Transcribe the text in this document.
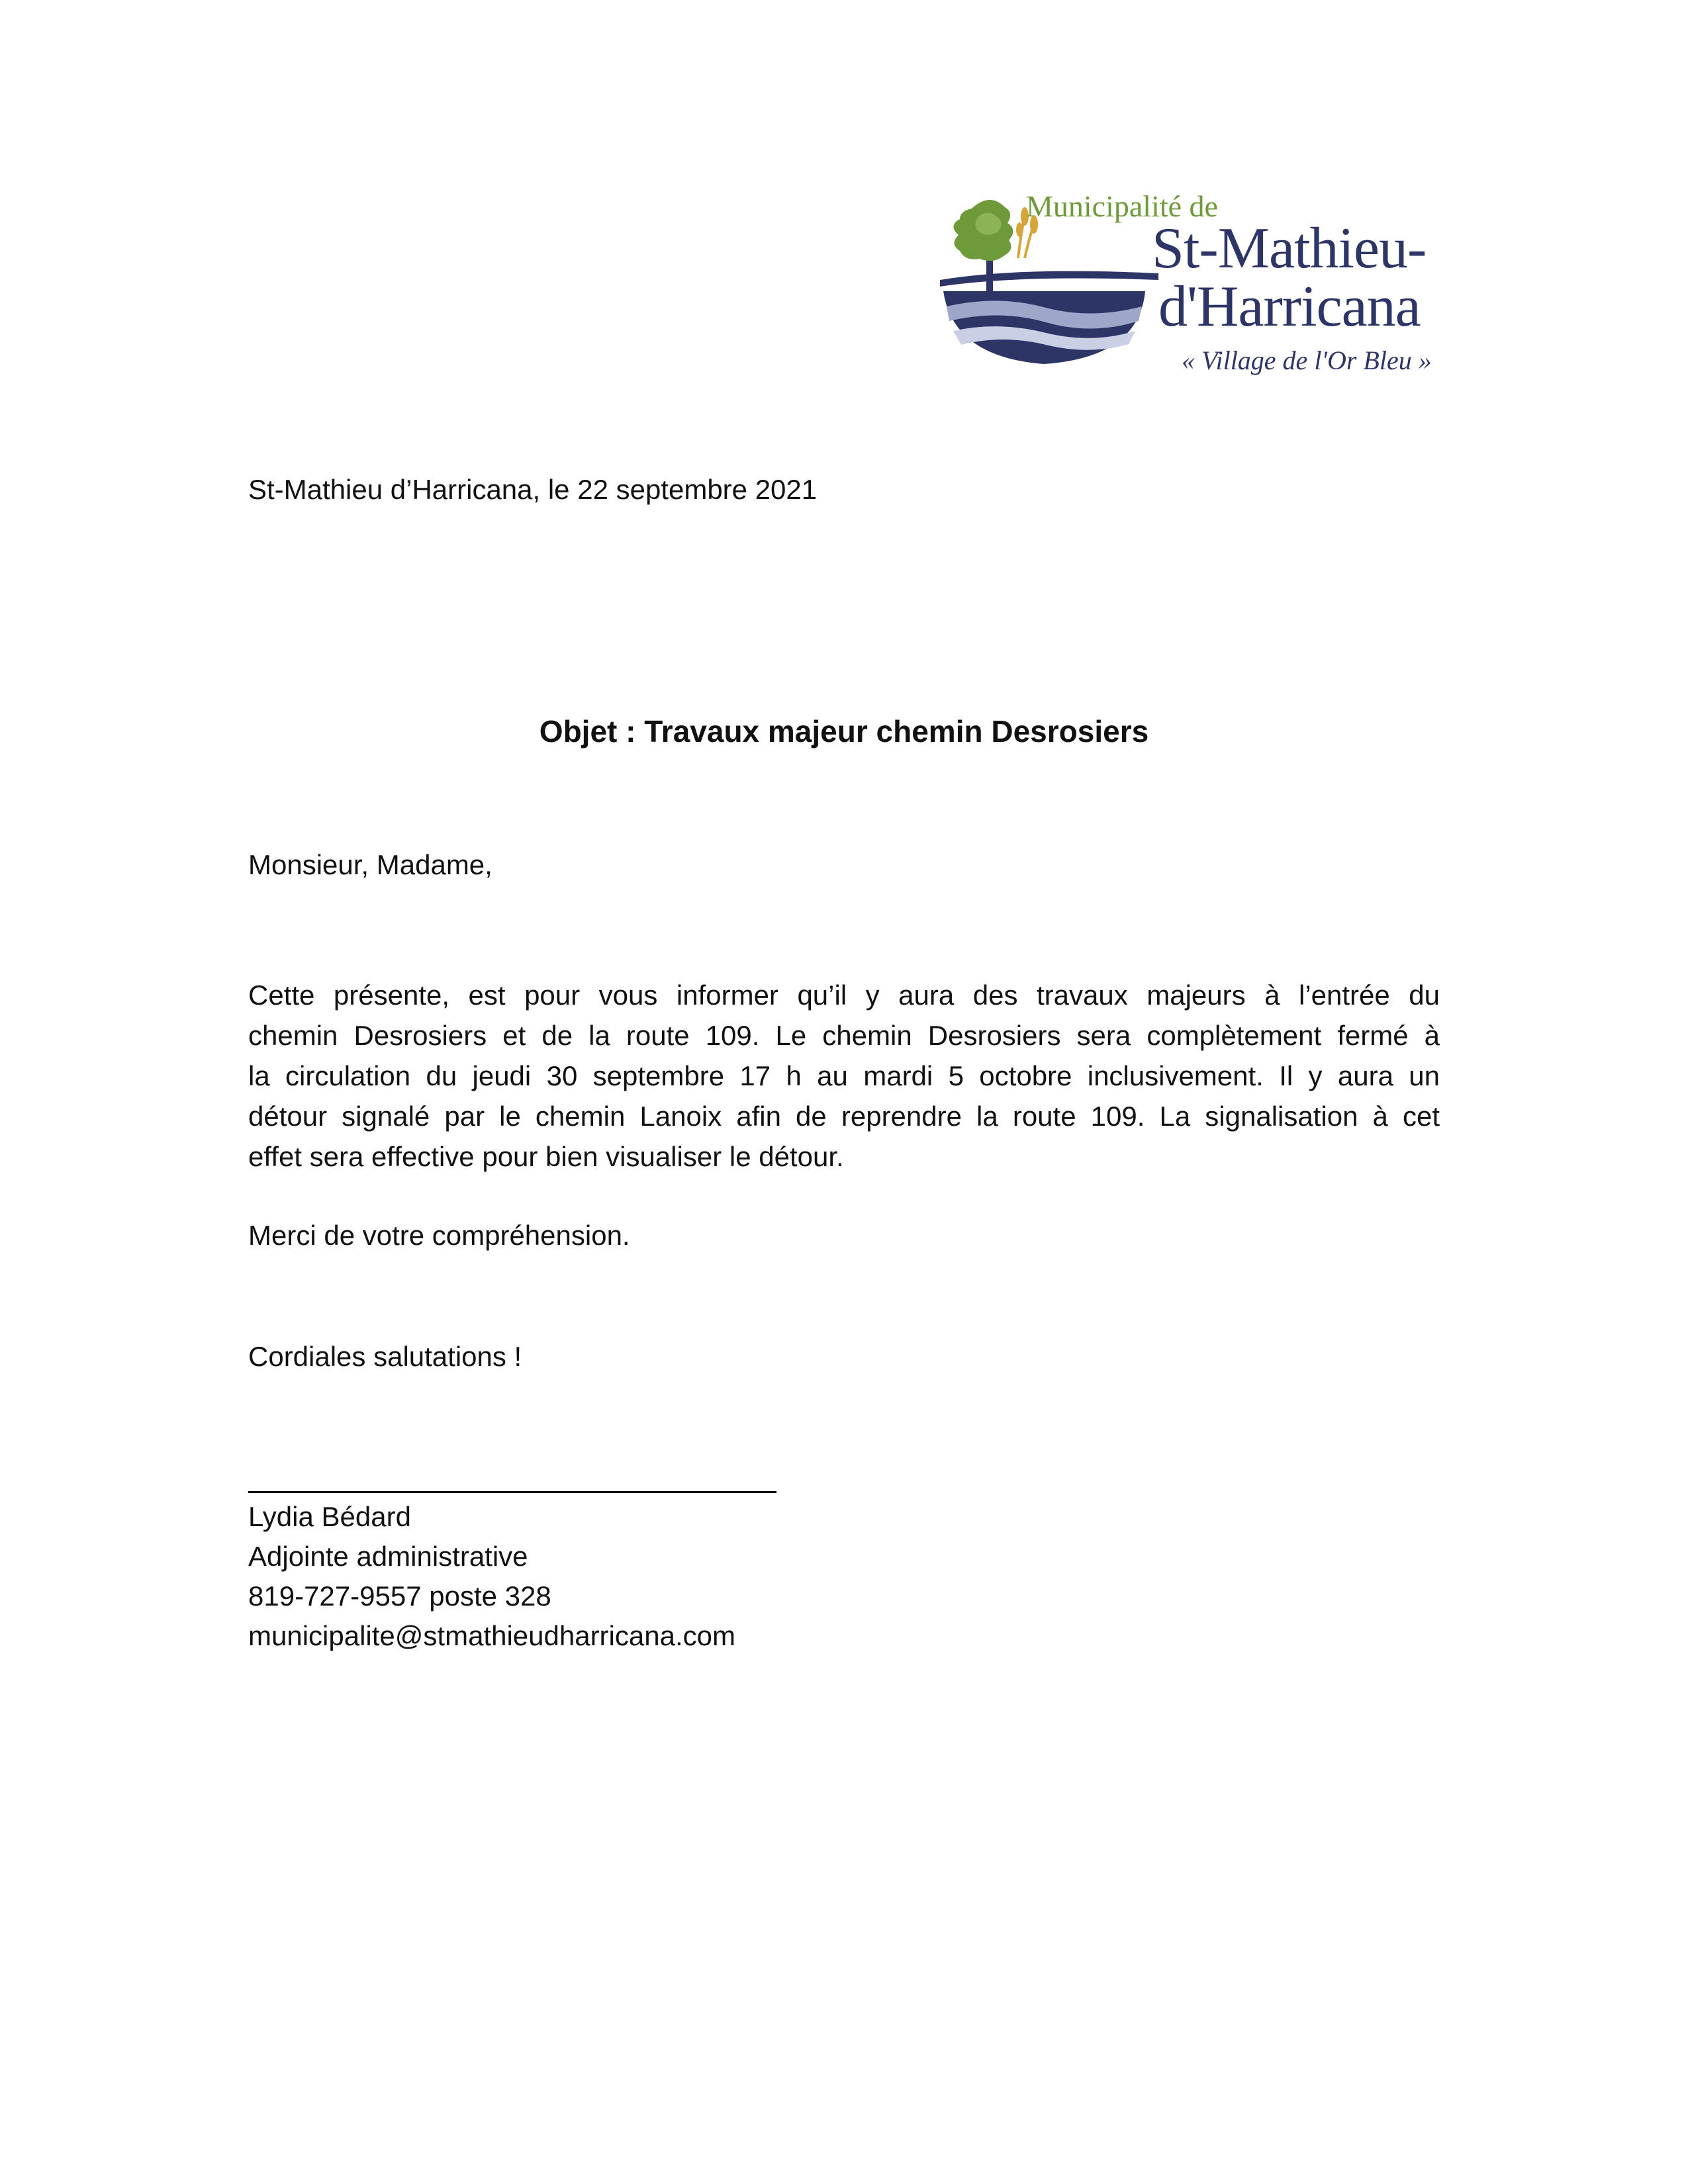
Municipalité de
St-Mathieu-
d'Harricana
« Village de l'Or Bleu »
St-Mathieu d’Harricana, le 22 septembre 2021
Objet : Travaux majeur chemin Desrosiers
Monsieur, Madame,
Cette présente, est pour vous informer qu’il y aura des travaux majeurs à l’entrée du
chemin Desrosiers et de la route 109. Le chemin Desrosiers sera complètement fermé à
la circulation du jeudi 30 septembre 17 h au mardi 5 octobre inclusivement. Il y aura un
détour signalé par le chemin Lanoix afin de reprendre la route 109. La signalisation à cet
effet sera effective pour bien visualiser le détour.
Merci de votre compréhension.
Cordiales salutations !
Lydia Bédard
Adjointe administrative
819-727-9557 poste 328
municipalite@stmathieudharricana.com
